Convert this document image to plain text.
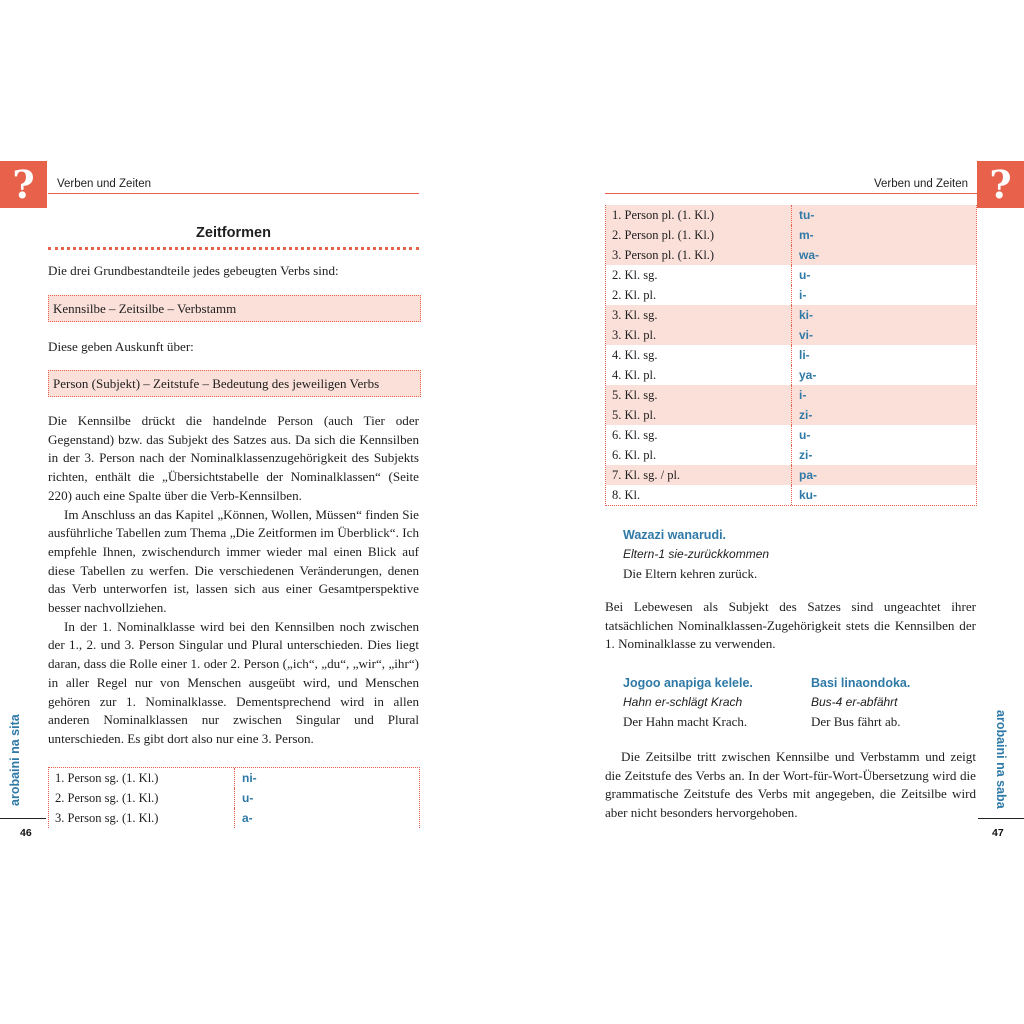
? Verben und Zeiten
Zeitformen

Die drei Grundbestandteile jedes gebeugten Verbs sind:

Kennsilbe – Zeitsilbe – Verbstamm

Diese geben Auskunft über:

Person (Subjekt) – Zeitstufe – Bedeutung des jeweiligen Verbs

Die Kennsilbe drückt die handelnde Person (auch Tier oder Gegenstand) bzw. das Subjekt des Satzes aus. Da sich die Kennsilben in der 3. Person nach der Nominalklassenzugehörigkeit des Subjekts richten, enthält die „Übersichtstabelle der Nominalklassen“ (Seite 220) auch eine Spalte über die Verb-Kennsilben.

Im Anschluss an das Kapitel „Können, Wollen, Müssen“ finden Sie ausführliche Tabellen zum Thema „Die Zeitformen im Überblick“. Ich empfehle Ihnen, zwischendurch immer wieder mal einen Blick auf diese Tabellen zu werfen. Die verschiedenen Veränderungen, denen das Verb unterworfen ist, lassen sich aus einer Gesamtperspektive besser nachvollziehen.

In der 1. Nominalklasse wird bei den Kennsilben noch zwischen der 1., 2. und 3. Person Singular und Plural unterschieden. Dies liegt daran, dass die Rolle einer 1. oder 2. Person („ich“, „du“, „wir“, „ihr“) in aller Regel nur von Menschen ausgeübt wird, und Menschen gehören zur 1. Nominalklasse. Dementsprechend wird in allen anderen Nominalklassen nur zwischen Singular und Plural unterschieden. Es gibt dort also nur eine 3. Person.

1. Person sg. (1. Kl.)	ni-
2. Person sg. (1. Kl.)	u-
3. Person sg. (1. Kl.)	a-
arobaini na sita
46
?
Verben und Zeiten
1. Person pl. (1. Kl.)	tu-
2. Person pl. (1. Kl.)	m-
3. Person pl. (1. Kl.)	wa-
2. Kl. sg.	u-
2. Kl. pl.	i-
3. Kl. sg.	ki-
3. Kl. pl.	vi-
4. Kl. sg.	li-
4. Kl. pl.	ya-
5. Kl. sg.	i-
5. Kl. pl.	zi-
6. Kl. sg.	u-
6. Kl. pl.	zi-
7. Kl. sg. / pl.	pa-
8. Kl.	ku-
Wazazi wanarudi.
Eltern-1 sie-zurückkommen
Die Eltern kehren zurück.

Bei Lebewesen als Subjekt des Satzes sind ungeachtet ihrer tatsächlichen Nominalklassen-Zugehörigkeit stets die Kennsilben der 1. Nominalklasse zu verwenden.

Jogoo anapiga kelele.
Hahn er-schlägt Krach
Der Hahn macht Krach.
Basi linaondoka.
Bus-4 er-abfährt
Der Bus fährt ab.

Die Zeitsilbe tritt zwischen Kennsilbe und Verbstamm und zeigt die Zeitstufe des Verbs an. In der Wort-für-Wort-Übersetzung wird die grammatische Zeitstufe des Verbs mit angegeben, die Zeitsilbe wird aber nicht besonders hervorgehoben.

arobaini na saba
47
